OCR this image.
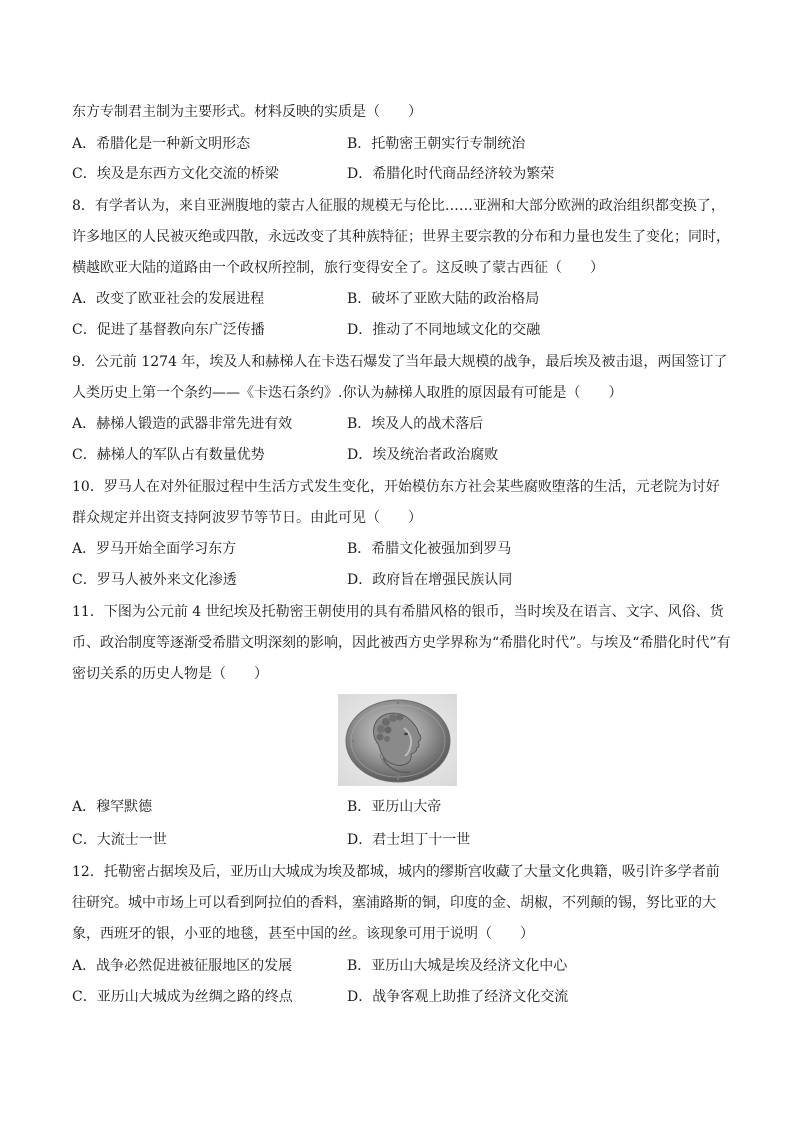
东方专制君主制为主要形式。材料反映的实质是（　　）
A．希腊化是一种新文明形态	B．托勒密王朝实行专制统治
C．埃及是东西方文化交流的桥梁	D．希腊化时代商品经济较为繁荣
8．有学者认为，来自亚洲腹地的蒙古人征服的规模无与伦比……亚洲和大部分欧洲的政治组织都变换了，
许多地区的人民被灭绝或四散，永远改变了其种族特征；世界主要宗教的分布和力量也发生了变化；同时，
横越欧亚大陆的道路由一个政权所控制，旅行变得安全了。这反映了蒙古西征（　　）
A．改变了欧亚社会的发展进程	B．破坏了亚欧大陆的政治格局
C．促进了基督教向东广泛传播	D．推动了不同地域文化的交融
9．公元前 1274 年，埃及人和赫梯人在卡迭石爆发了当年最大规模的战争，最后埃及被击退，两国签订了
人类历史上第一个条约——《卡迭石条约》.你认为赫梯人取胜的原因最有可能是（　　）
A．赫梯人锻造的武器非常先进有效	B．埃及人的战术落后
C．赫梯人的军队占有数量优势	D．埃及统治者政治腐败
10．罗马人在对外征服过程中生活方式发生变化，开始模仿东方社会某些腐败堕落的生活，元老院为讨好
群众规定并出资支持阿波罗节等节日。由此可见（　　）
A．罗马开始全面学习东方	B．希腊文化被强加到罗马
C．罗马人被外来文化渗透	D．政府旨在增强民族认同
11．下图为公元前 4 世纪埃及托勒密王朝使用的具有希腊风格的银币，当时埃及在语言、文字、风俗、货
币、政治制度等逐渐受希腊文明深刻的影响，因此被西方史学界称为“希腊化时代”。与埃及“希腊化时代”有
密切关系的历史人物是（　　）
A．穆罕默德	B．亚历山大帝
C．大流士一世	D．君士坦丁十一世
12．托勒密占据埃及后，亚历山大城成为埃及都城，城内的缪斯宫收藏了大量文化典籍，吸引许多学者前
往研究。城中市场上可以看到阿拉伯的香料，塞浦路斯的铜，印度的金、胡椒，不列颠的锡，努比亚的大
象，西班牙的银，小亚的地毯，甚至中国的丝。该现象可用于说明（　　）
A．战争必然促进被征服地区的发展	B．亚历山大城是埃及经济文化中心
C．亚历山大城成为丝绸之路的终点	D．战争客观上助推了经济文化交流
